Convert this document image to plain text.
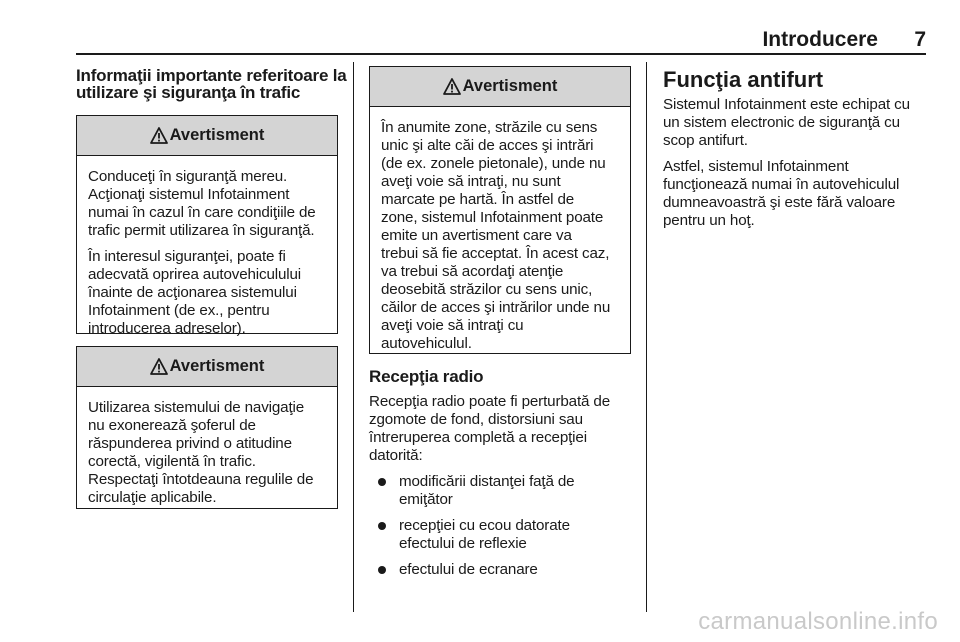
Introducere 7
Informaţii importante referitoare la
utilizare şi siguranţa în trafic
Avertisment

Conduceţi în siguranţă mereu.
Acţionaţi sistemul Infotainment
numai în cazul în care condiţiile de
trafic permit utilizarea în siguranţă.

În interesul siguranţei, poate fi
adecvată oprirea autovehiculului
înainte de acţionarea sistemului
Infotainment (de ex., pentru
introducerea adreselor).

Avertisment

Utilizarea sistemului de navigaţie
nu exonerează şoferul de
răspunderea privind o atitudine
corectă, vigilentă în trafic.
Respectaţi întotdeauna regulile de
circulaţie aplicabile.

Avertisment

În anumite zone, străzile cu sens
unic şi alte căi de acces şi intrări
(de ex. zonele pietonale), unde nu
aveţi voie să intraţi, nu sunt
marcate pe hartă. În astfel de
zone, sistemul Infotainment poate
emite un avertisment care va
trebui să fie acceptat. În acest caz,
va trebui să acordaţi atenţie
deosebită străzilor cu sens unic,
căilor de acces şi intrărilor unde nu
aveţi voie să intraţi cu
autovehiculul.

Recepţia radio

Recepţia radio poate fi perturbată de
zgomote de fond, distorsiuni sau
întreruperea completă a recepţiei
datorită:

modificării distanţei faţă de
emiţător
recepţiei cu ecou datorate
efectului de reflexie
efectului de ecranare
Funcţia antifurt

Sistemul Infotainment este echipat cu
un sistem electronic de siguranţă cu
scop antifurt.

Astfel, sistemul Infotainment
funcţionează numai în autovehiculul
dumneavoastră şi este fără valoare
pentru un hoţ.

carmanualsonline.info
